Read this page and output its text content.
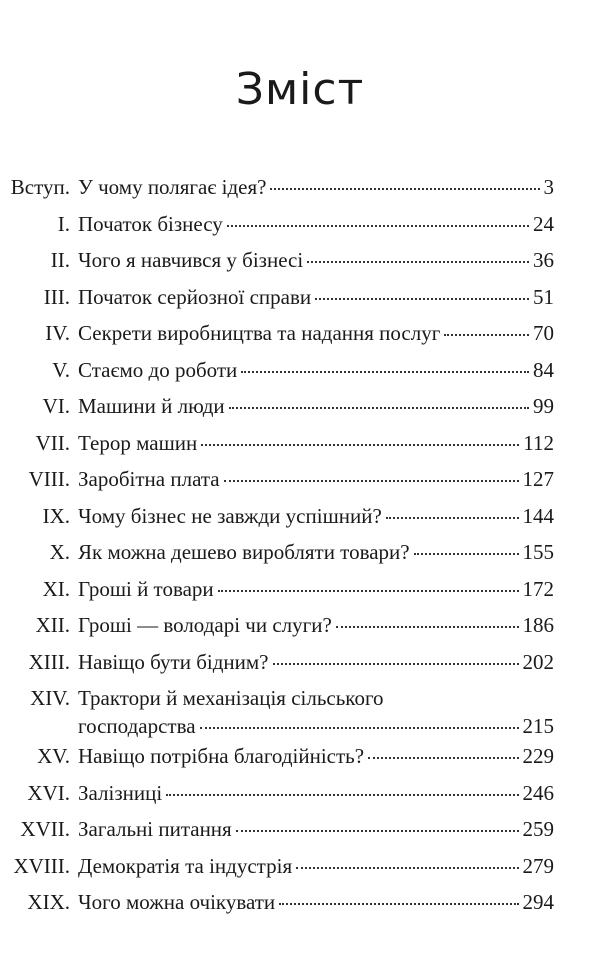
Зміст
Вступ. У чому полягає ідея?	3
I. Початок бізнесу	24
II. Чого я навчився у бізнесі	36
III. Початок серйозної справи	51
IV. Секрети виробництва та надання послуг	70
V. Стаємо до роботи	84
VI. Машини й люди	99
VII. Терор машин	112
VIII. Заробітна плата	127
IX. Чому бізнес не завжди успішний?	144
X. Як можна дешево виробляти товари?	155
XI. Гроші й товари	172
XII. Гроші — володарі чи слуги?	186
XIII. Навіщо бути бідним?	202
XIV. Трактори й механізація сільського
господарства	215
XV. Навіщо потрібна благодійність?	229
XVI. Залізниці	246
XVII. Загальні питання	259
XVIII. Демократія та індустрія	279
XIX. Чого можна очікувати	294
